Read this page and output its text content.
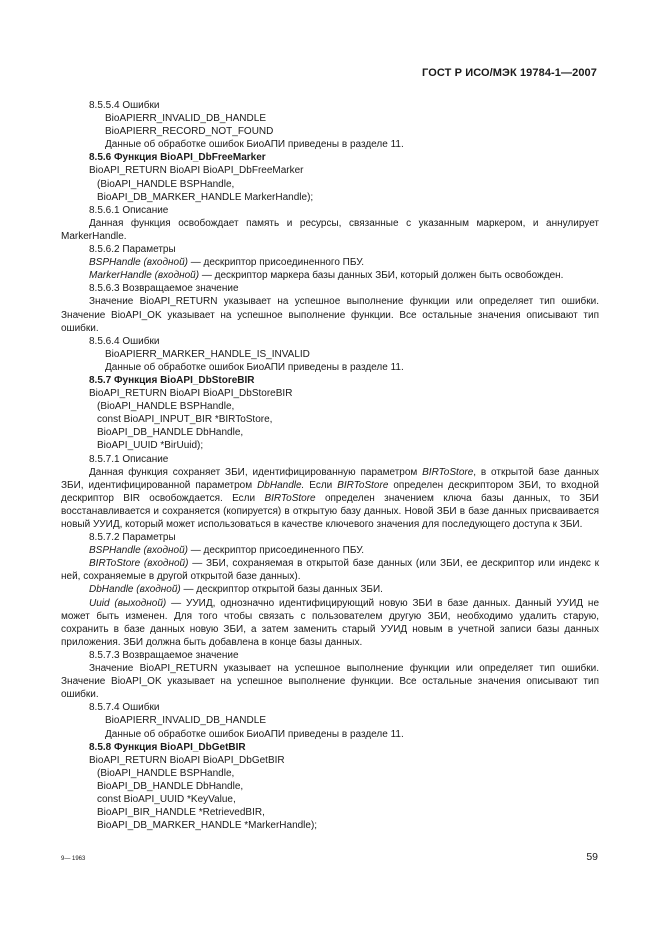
ГОСТ Р ИСО/МЭК 19784-1—2007
8.5.5.4 Ошибки
BioAPIERR_INVALID_DB_HANDLE
BioAPIERR_RECORD_NOT_FOUND
Данные об обработке ошибок БиоАПИ приведены в разделе 11.
8.5.6 Функция BioAPI_DbFreeMarker
BioAPI_RETURN BioAPI BioAPI_DbFreeMarker
(BioAPI_HANDLE BSPHandle,
BioAPI_DB_MARKER_HANDLE MarkerHandle);
8.5.6.1 Описание
Данная функция освобождает память и ресурсы, связанные с указанным маркером, и аннулирует MarkerHandle.
8.5.6.2 Параметры
BSPHandle (входной) — дескриптор присоединенного ПБУ.
MarkerHandle (входной) — дескриптор маркера базы данных ЗБИ, который должен быть освобожден.
8.5.6.3 Возвращаемое значение
Значение BioAPI_RETURN указывает на успешное выполнение функции или определяет тип ошибки. Значение BioAPI_OK указывает на успешное выполнение функции. Все остальные значения описывают тип ошибки.
8.5.6.4 Ошибки
BioAPIERR_MARKER_HANDLE_IS_INVALID
Данные об обработке ошибок БиоАПИ приведены в разделе 11.
8.5.7 Функция BioAPI_DbStoreBIR
BioAPI_RETURN BioAPI BioAPI_DbStoreBIR
(BioAPI_HANDLE BSPHandle,
const BioAPI_INPUT_BIR *BIRToStore,
BioAPI_DB_HANDLE DbHandle,
BioAPI_UUID *BirUuid);
8.5.7.1 Описание
Данная функция сохраняет ЗБИ, идентифицированную параметром BIRToStore, в открытой базе данных ЗБИ, идентифицированной параметром DbHandle. Если BIRToStore определен дескриптором ЗБИ, то входной дескриптор BIR освобождается. Если BIRToStore определен значением ключа базы данных, то ЗБИ восстанавливается и сохраняется (копируется) в открытую базу данных. Новой ЗБИ в базе данных присваивается новый УУИД, который может использоваться в качестве ключевого значения для последующего доступа к ЗБИ.
8.5.7.2 Параметры
BSPHandle (входной) — дескриптор присоединенного ПБУ.
BIRToStore (входной) — ЗБИ, сохраняемая в открытой базе данных (или ЗБИ, ее дескриптор или индекс к ней, сохраняемые в другой открытой базе данных).
DbHandle (входной) — дескриптор открытой базы данных ЗБИ.
Uuid (выходной) — УУИД, однозначно идентифицирующий новую ЗБИ в базе данных. Данный УУИД не может быть изменен. Для того чтобы связать с пользователем другую ЗБИ, необходимо удалить старую, сохранить в базе данных новую ЗБИ, а затем заменить старый УУИД новым в учетной записи базы данных приложения. ЗБИ должна быть добавлена в конце базы данных.
8.5.7.3 Возвращаемое значение
Значение BioAPI_RETURN указывает на успешное выполнение функции или определяет тип ошибки. Значение BioAPI_OK указывает на успешное выполнение функции. Все остальные значения описывают тип ошибки.
8.5.7.4 Ошибки
BioAPIERR_INVALID_DB_HANDLE
Данные об обработке ошибок БиоАПИ приведены в разделе 11.
8.5.8 Функция BioAPI_DbGetBIR
BioAPI_RETURN BioAPI BioAPI_DbGetBIR
(BioAPI_HANDLE BSPHandle,
BioAPI_DB_HANDLE DbHandle,
const BioAPI_UUID *KeyValue,
BioAPI_BIR_HANDLE *RetrievedBIR,
BioAPI_DB_MARKER_HANDLE *MarkerHandle);
9— 1963	59
